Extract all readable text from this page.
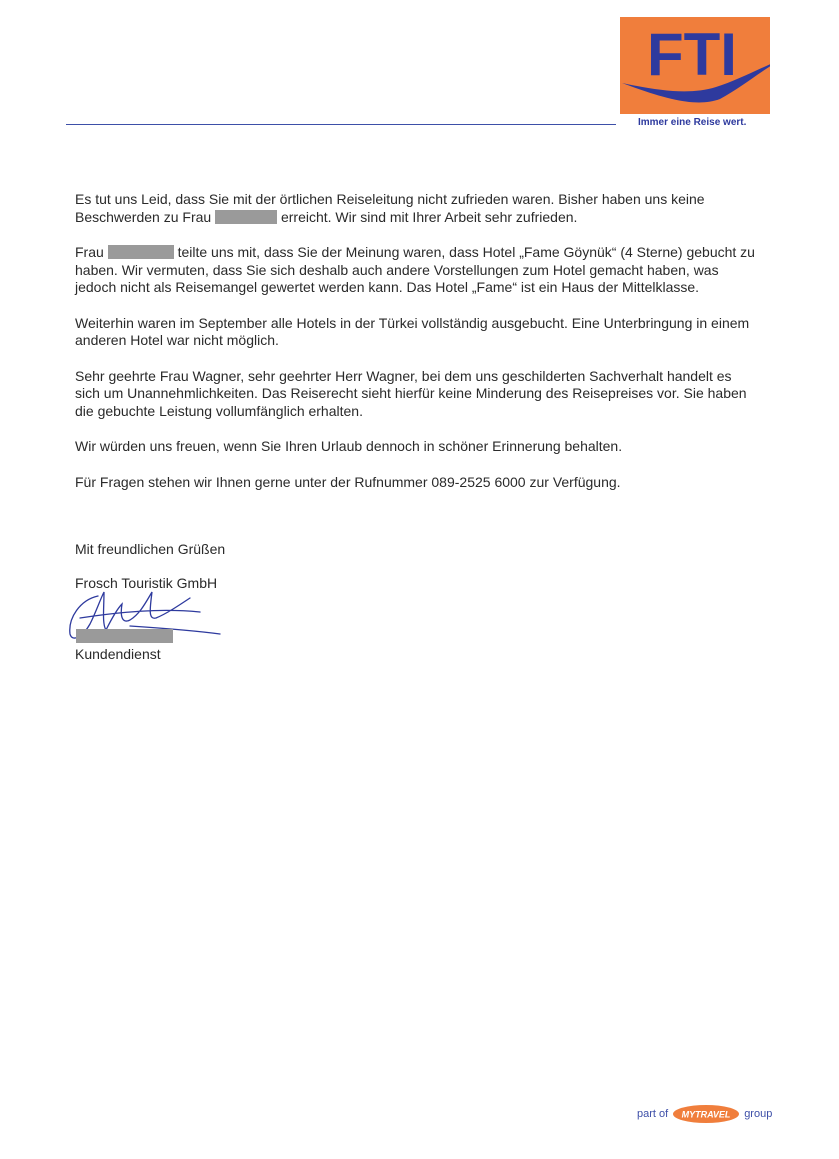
FTI
Immer eine Reise wert.

Es tut uns Leid, dass Sie mit der örtlichen Reiseleitung nicht zufrieden waren. Bisher haben uns keine Beschwerden zu Frau	erreicht. Wir sind mit Ihrer Arbeit sehr zufrieden.

Frau	teilte uns mit, dass Sie der Meinung waren, dass Hotel „Fame Göynük“ (4 Sterne) gebucht zu haben. Wir vermuten, dass Sie sich deshalb auch andere Vorstellungen zum Hotel gemacht haben, was jedoch nicht als Reisemangel gewertet werden kann. Das Hotel „Fame“ ist ein Haus der Mittelklasse.

Weiterhin waren im September alle Hotels in der Türkei vollständig ausgebucht. Eine Unterbringung in einem anderen Hotel war nicht möglich.

Sehr geehrte Frau Wagner, sehr geehrter Herr Wagner, bei dem uns geschilderten Sachverhalt handelt es sich um Unannehmlichkeiten. Das Reiserecht sieht hierfür keine Minderung des Reisepreises vor. Sie haben die gebuchte Leistung vollumfänglich erhalten.

Wir würden uns freuen, wenn Sie Ihren Urlaub dennoch in schöner Erinnerung behalten.

Für Fragen stehen wir Ihnen gerne unter der Rufnummer 089-2525 6000 zur Verfügung.

Mit freundlichen Grüßen
Frosch Touristik GmbH
Kundendienst
part of MYTRAVEL group
